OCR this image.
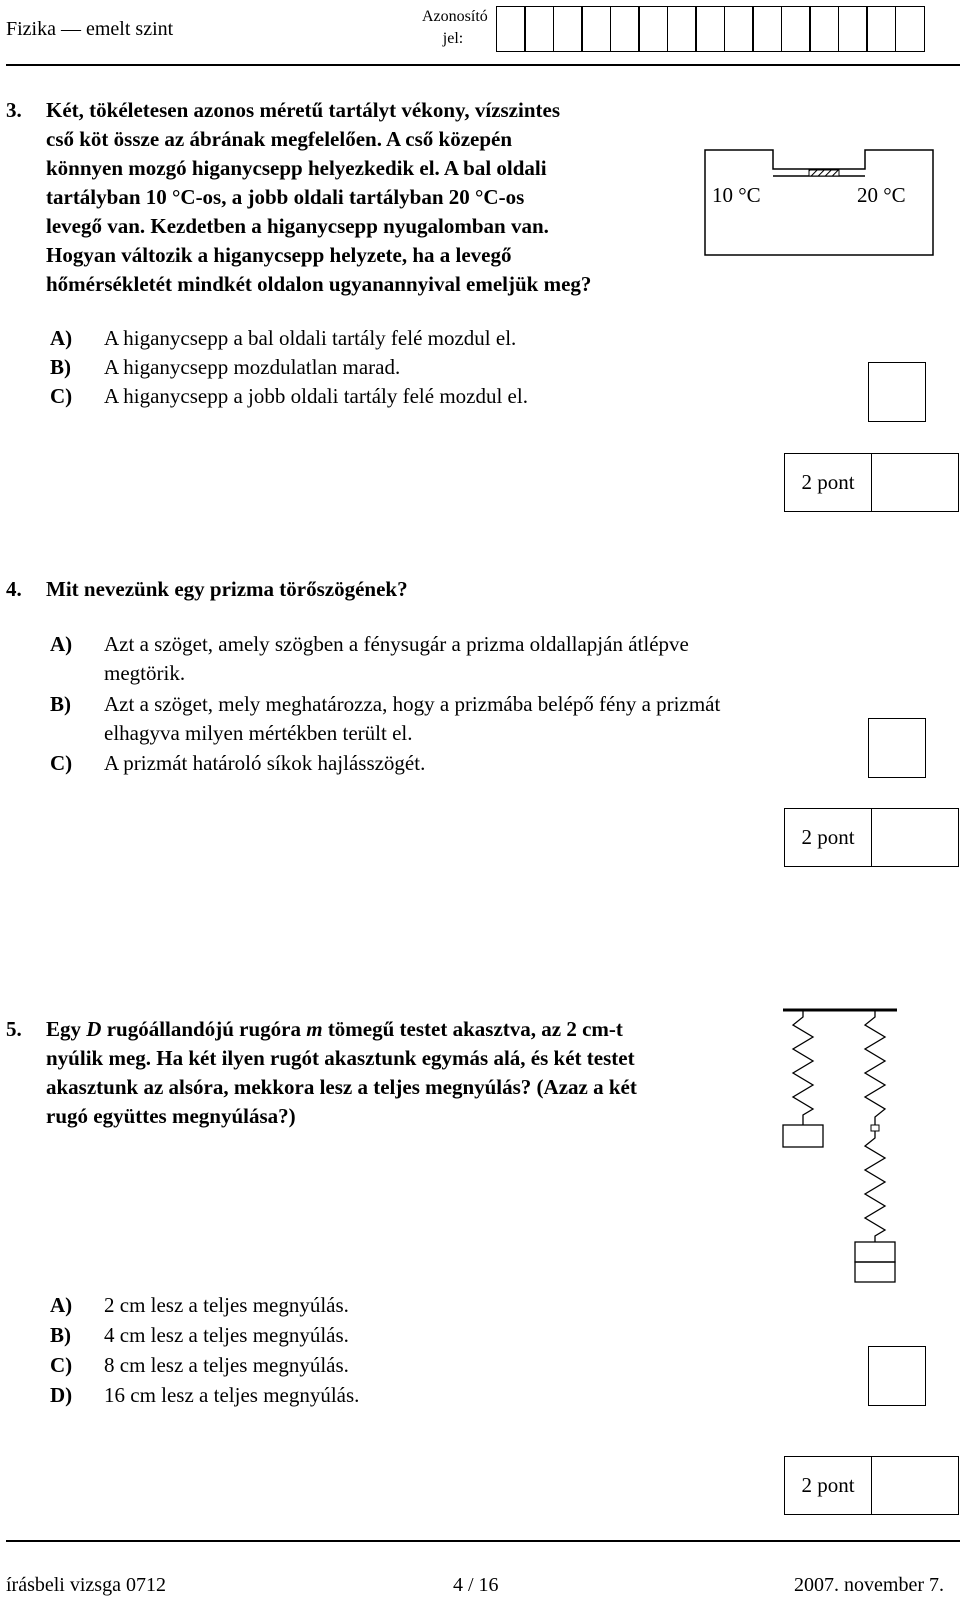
Fizika — emelt szint
Azonosító
jel:
3. Két, tökéletesen azonos méretű tartályt vékony, vízszintes
cső köt össze az ábrának megfelelően. A cső közepén
könnyen mozgó higanycsepp helyezkedik el. A bal oldali
tartályban 10 °C-os, a jobb oldali tartályban 20 °C-os
levegő van. Kezdetben a higanycsepp nyugalomban van.
Hogyan változik a higanycsepp helyzete, ha a levegő
hőmérsékletét mindkét oldalon ugyanannyival emeljük meg?
10 °C	20 °C
A) A higanycsepp a bal oldali tartály felé mozdul el.
B) A higanycsepp mozdulatlan marad.
C) A higanycsepp a jobb oldali tartály felé mozdul el.
2 pont
4. Mit nevezünk egy prizma törőszögének?
A) Azt a szöget, amely szögben a fénysugár a prizma oldallapján átlépve
megtörik.
B) Azt a szöget, mely meghatározza, hogy a prizmába belépő fény a prizmát
elhagyva milyen mértékben terült el.
C) A prizmát határoló síkok hajlásszögét.
2 pont
5. Egy D rugóállandójú rugóra m tömegű testet akasztva, az 2 cm-t
nyúlik meg. Ha két ilyen rugót akasztunk egymás alá, és két testet
akasztunk az alsóra, mekkora lesz a teljes megnyúlás? (Azaz a két
rugó együttes megnyúlása?)
A) 2 cm lesz a teljes megnyúlás.
B) 4 cm lesz a teljes megnyúlás.
C) 8 cm lesz a teljes megnyúlás.
D) 16 cm lesz a teljes megnyúlás.
2 pont
írásbeli vizsga 0712	4 / 16	2007. november 7.
